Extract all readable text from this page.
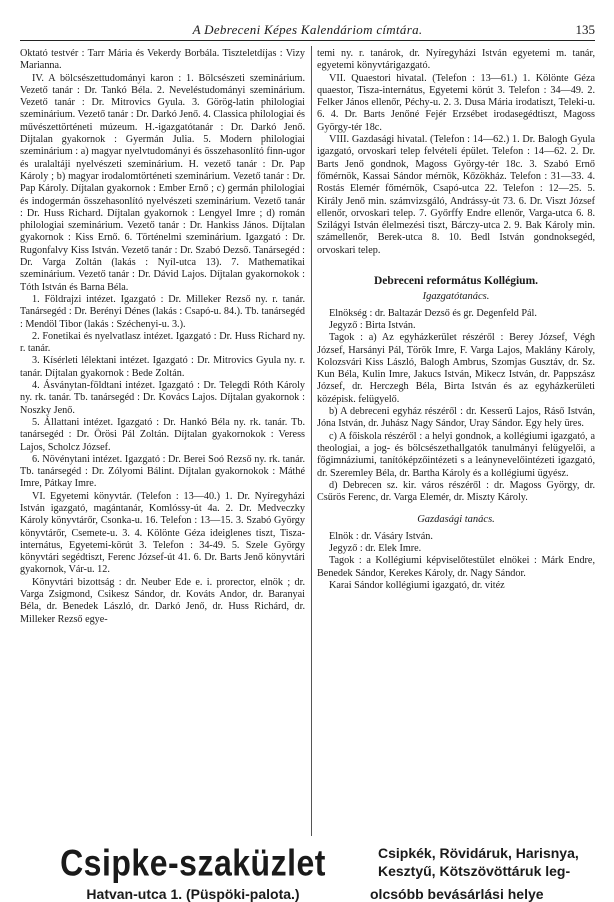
A Debreceni Képes Kalendáriom címtára.	135

Oktató testvér : Tarr Mária és Vekerdy Borbála. Tiszteletdíjas : Vizy Marianna.

IV. A bölcsészettudományi karon : 1. Bölcsészeti szeminárium. Vezető tanár : Dr. Tankó Béla. 2. Neveléstudományi szeminárium. Vezető tanár : Dr. Mitrovics Gyula. 3. Görög-latin philologiai szeminárium. Vezető tanár : Dr. Darkó Jenő. 4. Classica philologiai és művészettörténeti múzeum. H.-igazgatótanár : Dr. Darkó Jenő. Dijtalan gyakornok : Gyermán Julia. 5. Modern philologiai szeminárium : a) magyar nyelvtudományi és összehasonlító finn-ugor és uralaltáji nyelvészeti szeminárium. H. vezető tanár : Dr. Pap Károly ; b) magyar irodalomtörténeti szeminárium. Vezető tanár : Dr. Pap Károly. Díjtalan gyakornok : Ember Ernő ; c) germán philologiai és indogermán összehasonlító nyelvészeti szeminárium. Vezető tanár : Dr. Huss Richard. Díjtalan gyakornok : Lengyel Imre ; d) román philologiai szeminárium. Vezető tanár : Dr. Hankiss János. Díjtalan gyakornok : Kiss Ernő. 6. Történelmi szeminárium. Igazgató : Dr. Rugonfalvy Kiss István. Vezető tanár : Dr. Szabó Dezső. Tanársegéd : Dr. Varga Zoltán (lakás : Nyíl-utca 13). 7. Mathematikai szeminárium. Vezető tanár : Dr. Dávid Lajos. Díjtalan gyakornokok : Tóth István és Barna Béla.

1. Földrajzi intézet. Igazgató : Dr. Milleker Rezső ny. r. tanár. Tanársegéd : Dr. Berényi Dénes (lakás : Csapó-u. 84.). Tb. tanársegéd : Mendöl Tibor (lakás : Széchenyi-u. 3.).

2. Fonetikai és nyelvatlasz intézet. Igazgató : Dr. Huss Richard ny. r. tanár.

3. Kísérleti lélektani intézet. Igazgató : Dr. Mitrovics Gyula ny. r. tanár. Díjtalan gyakornok : Bede Zoltán.

4. Ásványtan-földtani intézet. Igazgató : Dr. Telegdi Róth Károly ny. rk. tanár. Tb. tanársegéd : Dr. Kovács Lajos. Díjtalan gyakornok : Noszky Jenő.

5. Állattani intézet. Igazgató : Dr. Hankó Béla ny. rk. tanár. Tb. tanársegéd : Dr. Örösi Pál Zoltán. Díjtalan gyakornokok : Veress Lajos, Scholcz József.

6. Növénytani intézet. Igazgató : Dr. Berei Soó Rezső ny. rk. tanár. Tb. tanársegéd : Dr. Zólyomi Bálint. Díjtalan gyakornokok : Máthé Imre, Pátkay Imre.

VI. Egyetemi könyvtár. (Telefon : 13—40.) 1. Dr. Nyíregyházi István igazgató, magántanár, Komlóssy-út 4a. 2. Dr. Medveczky Károly könyvtárőr, Csonka-u. 16. Telefon : 13—15. 3. Szabó György könyvtárőr, Csemete-u. 3. 4. Kölönte Géza ideiglenes tiszt, Tisza-internátus, Egyetemi-körút 3. Telefon : 34-49. 5. Szele György könyvtári segédtiszt, Ferenc József-út 41. 6. Dr. Barts Jenő könyvtári gyakornok, Vár-u. 12.

Könyvtári bizottság : dr. Neuber Ede e. i. prorector, elnök ; dr. Varga Zsigmond, Csikesz Sándor, dr. Kováts Andor, dr. Baranyai Béla, dr. Benedek László, dr. Darkó Jenő, dr. Huss Richárd, dr. Milleker Rezső egye-

temi ny. r. tanárok, dr. Nyíregyházi István egyetemi m. tanár, egyetemi könyvtárigazgató.

VII. Quaestori hivatal. (Telefon : 13—61.) 1. Kölönte Géza quaestor, Tisza-internátus, Egyetemi körút 3. Telefon : 34—49. 2. Felker János ellenőr, Péchy-u. 2. 3. Dusa Mária irodatiszt, Teleki-u. 6. 4. Dr. Barts Jenőné Fejér Erzsébet irodasegédtiszt, Magoss György-tér 18c.

VIII. Gazdasági hivatal. (Telefon : 14—62.) 1. Dr. Balogh Gyula igazgató, orvoskari telep felvételi épület. Telefon : 14—62. 2. Dr. Barts Jenő gondnok, Magoss György-tér 18c. 3. Szabó Ernő főmérnök, Kassai Sándor mérnök, Kőzökház. Telefon : 31—33. 4. Rostás Elemér főmérnök, Csapó-utca 22. Telefon : 12—25. 5. Király Jenő min. számvizsgáló, Andrássy-út 73. 6. Dr. Viszt József ellenőr, orvoskari telep. 7. Győrffy Endre ellenőr, Varga-utca 6. 8. Szilágyi István élelmezési tiszt, Bárczy-utca 2. 9. Bak Károly min. számellenőr, Berek-utca 8. 10. Bedl István gondnoksegéd, orvoskari telep.

Debreceni református Kollégium.
Igazgatótanács.

Elnökség : dr. Baltazár Dezső és gr. Degenfeld Pál.

Jegyző : Birta István.

Tagok : a) Az egyházkerület részéről : Berey József, Végh József, Harsányi Pál, Török Imre, F. Varga Lajos, Maklány Károly, Kolozsvári Kiss László, Balogh Ambrus, Szomjas Gusztáv, dr. Sz. Kun Béla, Kulin Imre, Jakucs István, Mikecz István, dr. Pappszász József, dr. Herczegh Béla, Birta István és az egyházkerületi középisk. felügyelő.

b) A debreceni egyház részéről : dr. Kesserű Lajos, Ráső István, Jóna István, dr. Juhász Nagy Sándor, Uray Sándor. Egy hely üres.

c) A főiskola részéről : a helyi gondnok, a kollégiumi igazgató, a theologiai, a jog- és bölcsészethallgatók tanulmányi felügyelői, a főgimnáziumi, tanítóképzőintézeti s a leánynevelőintézeti igazgató, dr. Szeremley Béla, dr. Bartha Károly és a kollégiumi ügyész.

d) Debrecen sz. kir. város részéről : dr. Magoss György, dr. Csűrös Ferenc, dr. Varga Elemér, dr. Miszty Károly.

Gazdasági tanács.

Elnök : dr. Vásáry István.

Jegyző : dr. Elek Imre.

Tagok : a Kollégiumi képviselőtestület elnökei : Márk Endre, Benedek Sándor, Kerekes Károly, dr. Nagy Sándor.

Karai Sándor kollégiumi igazgató, dr. vitéz

Csipke-szaküzlet
Hatvan-utca 1. (Püspöki-palota.)
Csipkék, Rövidáruk, Harisnya,
Kesztyű, Kötszövöttáruk leg-
olcsóbb bevásárlási helye
